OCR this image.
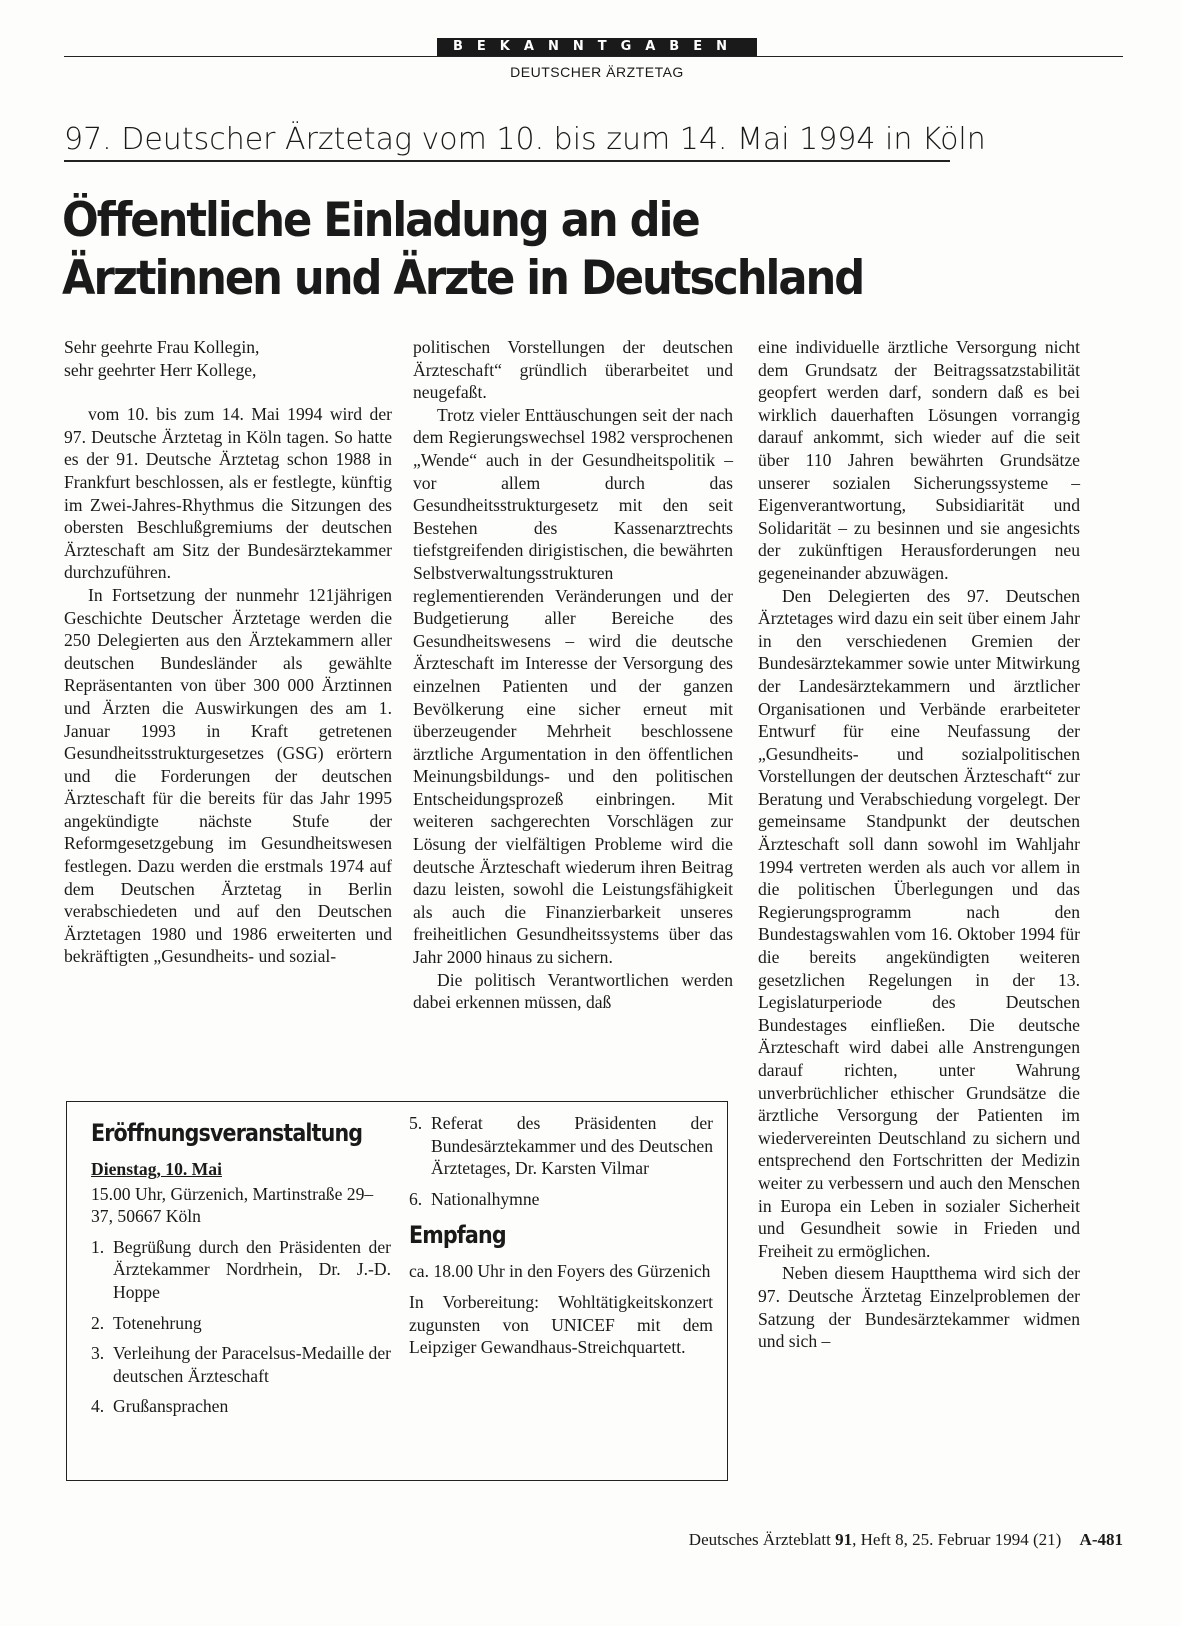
BEKANNTGABEN
DEUTSCHER ÄRZTETAG
97. Deutscher Ärztetag vom 10. bis zum 14. Mai 1994 in Köln
Öffentliche Einladung an die
Ärztinnen und Ärzte in Deutschland

Sehr geehrte Frau Kollegin,
sehr geehrter Herr Kollege,

vom 10. bis zum 14. Mai 1994 wird der 97. Deutsche Ärztetag in Köln tagen. So hatte es der 91. Deutsche Ärztetag schon 1988 in Frankfurt beschlossen, als er festlegte, künftig im Zwei-Jahres-Rhythmus die Sitzungen des obersten Beschlußgremiums der deutschen Ärzteschaft am Sitz der Bundesärztekammer durchzuführen.

In Fortsetzung der nunmehr 121jährigen Geschichte Deutscher Ärztetage werden die 250 Delegierten aus den Ärztekammern aller deutschen Bundesländer als gewählte Repräsentanten von über 300 000 Ärztinnen und Ärzten die Auswirkungen des am 1. Januar 1993 in Kraft getretenen Gesundheitsstrukturgesetzes (GSG) erörtern und die Forderungen der deutschen Ärzteschaft für die bereits für das Jahr 1995 angekündigte nächste Stufe der Reformgesetzgebung im Gesundheitswesen festlegen. Dazu werden die erstmals 1974 auf dem Deutschen Ärztetag in Berlin verabschiedeten und auf den Deutschen Ärztetagen 1980 und 1986 erweiterten und bekräftigten „Gesundheits- und sozial-

politischen Vorstellungen der deutschen Ärzteschaft“ gründlich überarbeitet und neugefaßt.

Trotz vieler Enttäuschungen seit der nach dem Regierungswechsel 1982 versprochenen „Wende“ auch in der Gesundheitspolitik – vor allem durch das Gesundheitsstrukturgesetz mit den seit Bestehen des Kassenarztrechts tiefstgreifenden dirigistischen, die bewährten Selbstverwaltungsstrukturen reglementierenden Veränderungen und der Budgetierung aller Bereiche des Gesundheitswesens – wird die deutsche Ärzteschaft im Interesse der Versorgung des einzelnen Patienten und der ganzen Bevölkerung eine sicher erneut mit überzeugender Mehrheit beschlossene ärztliche Argumentation in den öffentlichen Meinungsbildungs- und den politischen Entscheidungsprozeß einbringen. Mit weiteren sachgerechten Vorschlägen zur Lösung der vielfältigen Probleme wird die deutsche Ärzteschaft wiederum ihren Beitrag dazu leisten, sowohl die Leistungsfähigkeit als auch die Finanzierbarkeit unseres freiheitlichen Gesundheitssystems über das Jahr 2000 hinaus zu sichern.

Die politisch Verantwortlichen werden dabei erkennen müssen, daß

eine individuelle ärztliche Versorgung nicht dem Grundsatz der Beitragssatzstabilität geopfert werden darf, sondern daß es bei wirklich dauerhaften Lösungen vorrangig darauf ankommt, sich wieder auf die seit über 110 Jahren bewährten Grundsätze unserer sozialen Sicherungssysteme – Eigenverantwortung, Subsidiarität und Solidarität – zu besinnen und sie angesichts der zukünftigen Herausforderungen neu gegeneinander abzuwägen.

Den Delegierten des 97. Deutschen Ärztetages wird dazu ein seit über einem Jahr in den verschiedenen Gremien der Bundesärztekammer sowie unter Mitwirkung der Landesärztekammern und ärztlicher Organisationen und Verbände erarbeiteter Entwurf für eine Neufassung der „Gesundheits- und sozialpolitischen Vorstellungen der deutschen Ärzteschaft“ zur Beratung und Verabschiedung vorgelegt. Der gemeinsame Standpunkt der deutschen Ärzteschaft soll dann sowohl im Wahljahr 1994 vertreten werden als auch vor allem in die politischen Überlegungen und das Regierungsprogramm nach den Bundestagswahlen vom 16. Oktober 1994 für die bereits angekündigten weiteren gesetzlichen Regelungen in der 13. Legislaturperiode des Deutschen Bundestages einfließen. Die deutsche Ärzteschaft wird dabei alle Anstrengungen darauf richten, unter Wahrung unverbrüchlicher ethischer Grundsätze die ärztliche Versorgung der Patienten im wiedervereinten Deutschland zu sichern und entsprechend den Fortschritten der Medizin weiter zu verbessern und auch den Menschen in Europa ein Leben in sozialer Sicherheit und Gesundheit sowie in Frieden und Freiheit zu ermöglichen.

Neben diesem Hauptthema wird sich der 97. Deutsche Ärztetag Einzelproblemen der Satzung der Bundesärztekammer widmen und sich –

Eröffnungsveranstaltung

Dienstag, 10. Mai

15.00 Uhr, Gürzenich, Martinstraße 29–37, 50667 Köln

1. Begrüßung durch den Präsidenten der Ärztekammer Nordrhein, Dr. J.-D. Hoppe
2. Totenehrung
3. Verleihung der Paracelsus-Medaille der deutschen Ärzteschaft
4. Grußansprachen
5. Referat des Präsidenten der Bundesärztekammer und des Deutschen Ärztetages, Dr. Karsten Vilmar
6. Nationalhymne
Empfang

ca. 18.00 Uhr in den Foyers des Gürzenich

In Vorbereitung: Wohltätigkeitskonzert zugunsten von UNICEF mit dem Leipziger Gewandhaus-Streichquartett.

Deutsches Ärzteblatt 91, Heft 8, 25. Februar 1994 (21) A-481
